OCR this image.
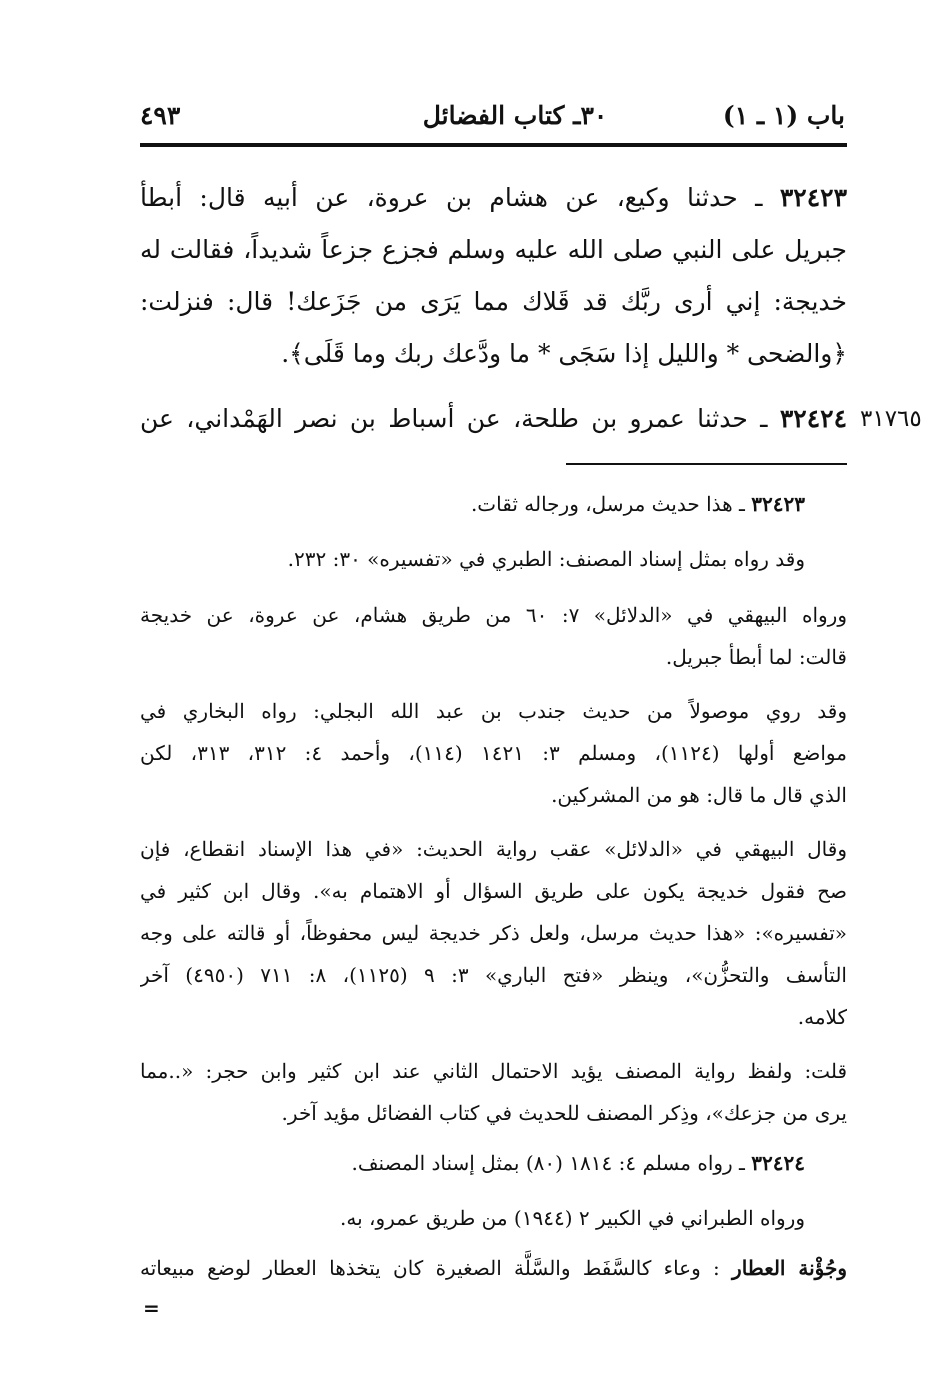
باب (١ ـ ١)
٣٠ـ كتاب الفضائل
٤٩٣
٣٢٤٢٣ ـ حدثنا وكيع، عن هشام بن عروة، عن أبيه قال: أبطأ
جبريل على النبي صلى الله عليه وسلم فجزع جزعاً شديداً، فقالت له
خديجة: إني أرى ربَّك قد قَلاك مما يَرَى من جَزَعك! قال: فنزلت:
﴿والضحى * والليل إذا سَجَى * ما ودَّعك ربك وما قَلَى﴾.
٣١٧٦٥
٣٢٤٢٤ ـ حدثنا عمرو بن طلحة، عن أسباط بن نصر الهَمْداني، عن
٣٢٤٢٣ ـ هذا حديث مرسل، ورجاله ثقات.
وقد رواه بمثل إسناد المصنف: الطبري في «تفسيره» ٣٠: ٢٣٢.
ورواه البيهقي في «الدلائل» ٧: ٦٠ من طريق هشام، عن عروة، عن خديجة
قالت: لما أبطأ جبريل.
وقد روي موصولاً من حديث جندب بن عبد الله البجلي: رواه البخاري في
مواضع أولها (١١٢٤)، ومسلم ٣: ١٤٢١ (١١٤)، وأحمد ٤: ٣١٢، ٣١٣، لكن
الذي قال ما قال: هو من المشركين.
وقال البيهقي في «الدلائل» عقب رواية الحديث: «في هذا الإسناد انقطاع، فإن
صح فقول خديجة يكون على طريق السؤال أو الاهتمام به». وقال ابن كثير في
«تفسيره»: «هذا حديث مرسل، ولعل ذكر خديجة ليس محفوظاً، أو قالته على وجه
التأسف والتحزُّن»، وينظر «فتح الباري» ٣: ٩ (١١٢٥)، ٨: ٧١١ (٤٩٥٠) آخر
كلامه.
قلت: ولفظ رواية المصنف يؤيد الاحتمال الثاني عند ابن كثير وابن حجر: «..مما
يرى من جزعك»، وذِكر المصنف للحديث في كتاب الفضائل مؤيد آخر.
٣٢٤٢٤ ـ رواه مسلم ٤: ١٨١٤ (٨٠) بمثل إسناد المصنف.
ورواه الطبراني في الكبير ٢ (١٩٤٤) من طريق عمرو، به.
وجُؤْنة العطار : وعاء كالسَّفَط والسَّلَّة الصغيرة كان يتخذها العطار لوضع مبيعاته
=
